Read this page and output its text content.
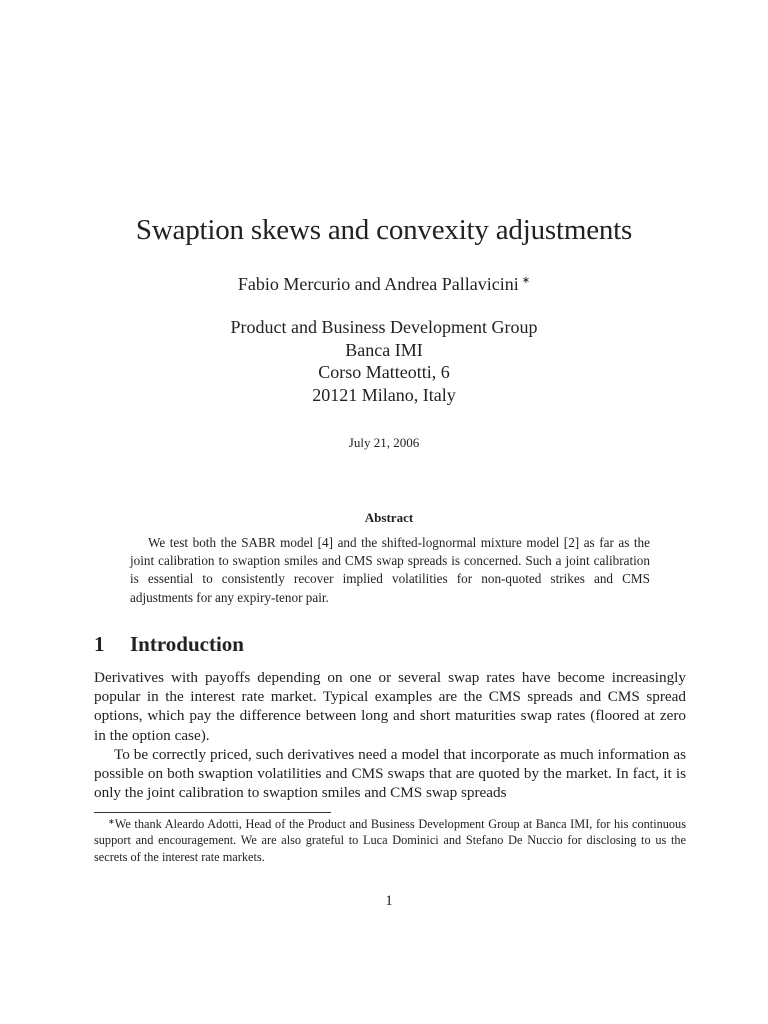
Swaption skews and convexity adjustments
Fabio Mercurio and Andrea Pallavicini ∗
Product and Business Development Group
Banca IMI
Corso Matteotti, 6
20121 Milano, Italy
July 21, 2006
Abstract
We test both the SABR model [4] and the shifted-lognormal mixture model [2] as far as the joint calibration to swaption smiles and CMS swap spreads is concerned. Such a joint calibration is essential to consistently recover implied volatilities for non-quoted strikes and CMS adjustments for any expiry-tenor pair.
1 Introduction

Derivatives with payoffs depending on one or several swap rates have become increasingly popular in the interest rate market. Typical examples are the CMS spreads and CMS spread options, which pay the difference between long and short maturities swap rates (floored at zero in the option case).

To be correctly priced, such derivatives need a model that incorporate as much information as possible on both swaption volatilities and CMS swaps that are quoted by the market. In fact, it is only the joint calibration to swaption smiles and CMS swap spreads

∗We thank Aleardo Adotti, Head of the Product and Business Development Group at Banca IMI, for his continuous support and encouragement. We are also grateful to Luca Dominici and Stefano De Nuccio for disclosing to us the secrets of the interest rate markets.
1
